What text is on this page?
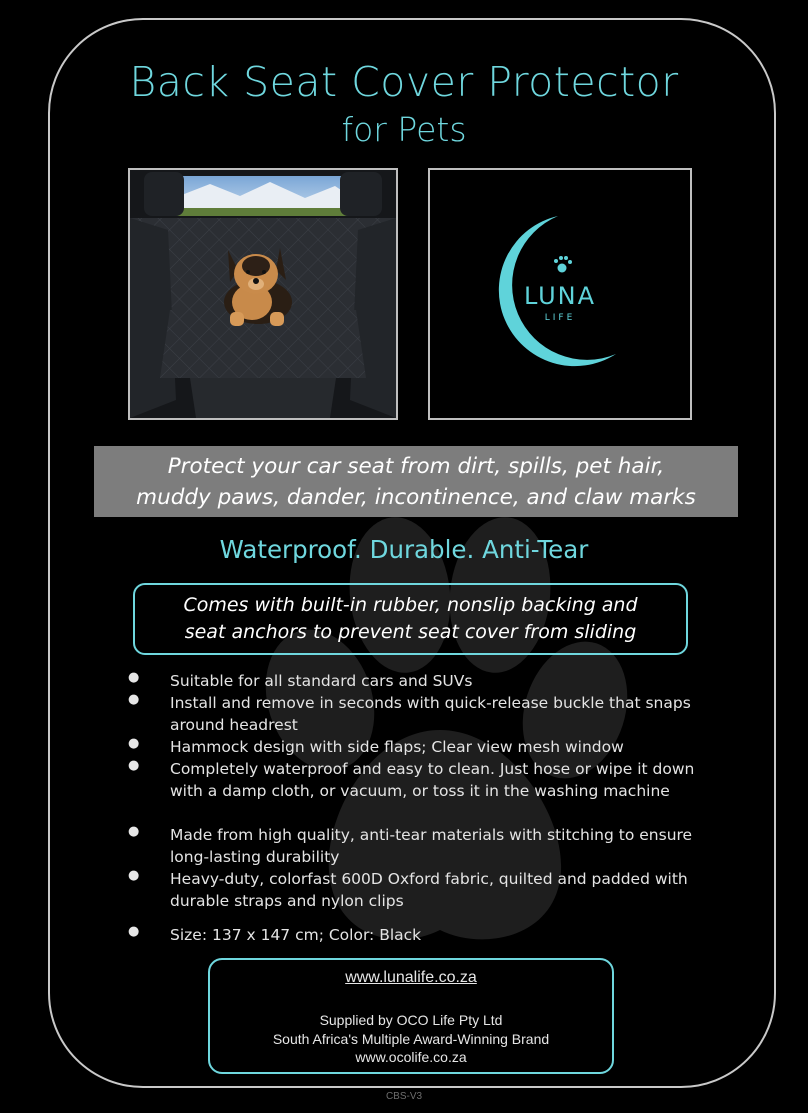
Back Seat Cover Protector
for Pets
LUNA
LIFE
Protect your car seat from dirt, spills, pet hair,
muddy paws, dander, incontinence, and claw marks
Waterproof. Durable. Anti-Tear
Comes with built-in rubber, nonslip backing and
seat anchors to prevent seat cover from sliding
● Suitable for all standard cars and SUVs
● Install and remove in seconds with quick-release buckle that snaps around headrest
● Hammock design with side flaps; Clear view mesh window
● Completely waterproof and easy to clean. Just hose or wipe it down with a damp cloth, or vacuum, or toss it in the washing machine
● Made from high quality, anti-tear materials with stitching to ensure long-lasting durability
● Heavy-duty, colorfast 600D Oxford fabric, quilted and padded with durable straps and nylon clips
● Size: 137 x 147 cm; Color: Black
www.lunalife.co.za
Supplied by OCO Life Pty Ltd
South Africa's Multiple Award-Winning Brand
www.ocolife.co.za
CBS-V3
